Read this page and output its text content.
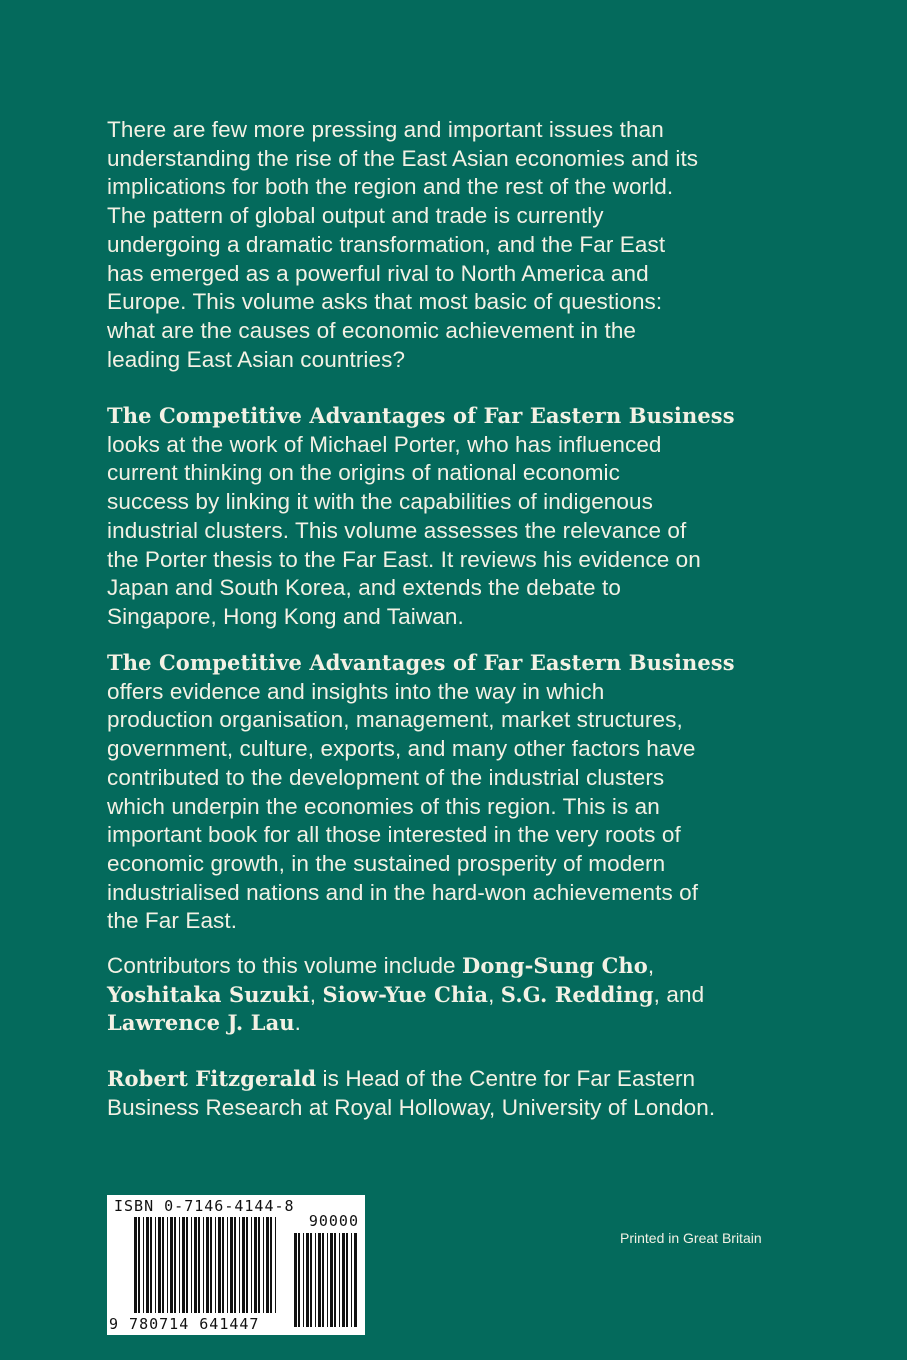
There are few more pressing and important issues than
understanding the rise of the East Asian economies and its
implications for both the region and the rest of the world.
The pattern of global output and trade is currently
undergoing a dramatic transformation, and the Far East
has emerged as a powerful rival to North America and
Europe. This volume asks that most basic of questions:
what are the causes of economic achievement in the
leading East Asian countries?
The Competitive Advantages of Far Eastern Business
looks at the work of Michael Porter, who has influenced
current thinking on the origins of national economic
success by linking it with the capabilities of indigenous
industrial clusters. This volume assesses the relevance of
the Porter thesis to the Far East. It reviews his evidence on
Japan and South Korea, and extends the debate to
Singapore, Hong Kong and Taiwan.
The Competitive Advantages of Far Eastern Business
offers evidence and insights into the way in which
production organisation, management, market structures,
government, culture, exports, and many other factors have
contributed to the development of the industrial clusters
which underpin the economies of this region. This is an
important book for all those interested in the very roots of
economic growth, in the sustained prosperity of modern
industrialised nations and in the hard-won achievements of
the Far East.
Contributors to this volume include Dong-Sung Cho,
Yoshitaka Suzuki, Siow-Yue Chia, S.G. Redding, and
Lawrence J. Lau.
Robert Fitzgerald is Head of the Centre for Far Eastern
Business Research at Royal Holloway, University of London.
ISBN 0-7146-4144-8
90000
9 780714 641447
Printed in Great Britain
